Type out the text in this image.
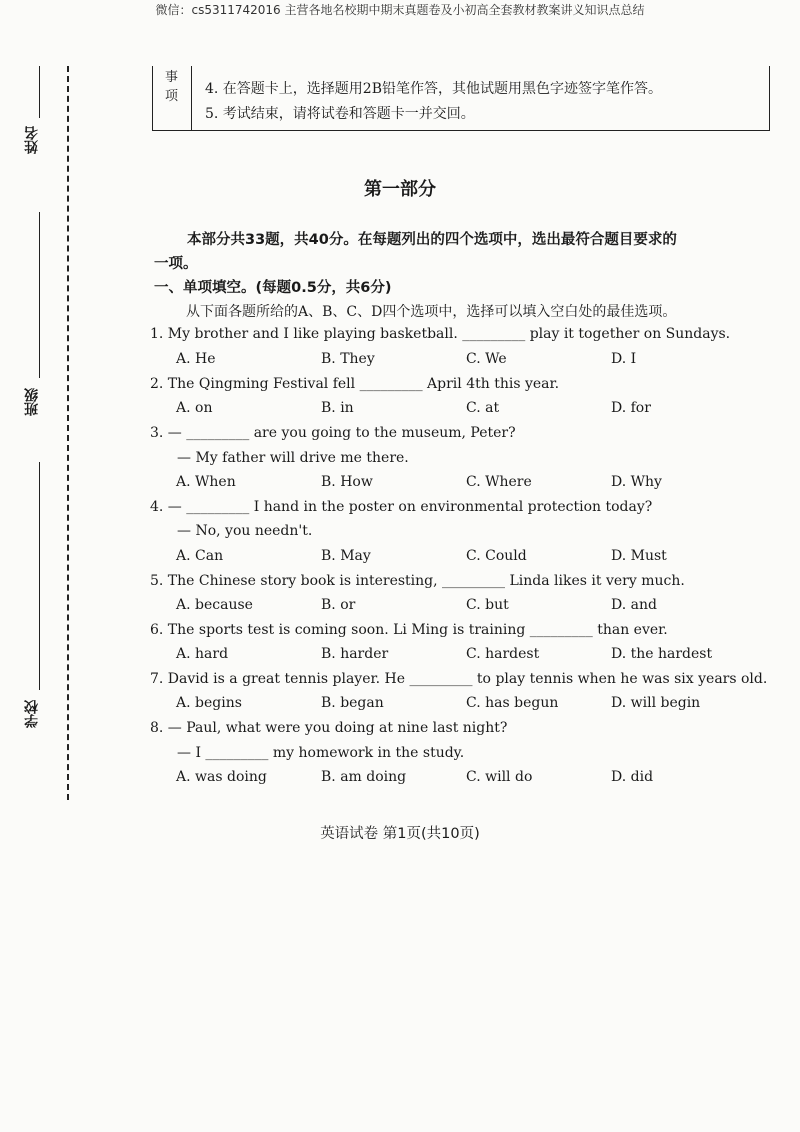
微信：cs5311742016 主营各地名校期中期末真题卷及小初高全套教材教案讲义知识点总结
姓名
班级
学校
事
项 4. 在答题卡上，选择题用2B铅笔作答，其他试题用黑色字迹签字笔作答。
5. 考试结束，请将试卷和答题卡一并交回。
第一部分
本部分共33题，共40分。在每题列出的四个选项中，选出最符合题目要求的
一项。
一、单项填空。(每题0.5分，共6分)
从下面各题所给的A、B、C、D四个选项中，选择可以填入空白处的最佳选项。
1. My brother and I like playing basketball. _________ play it together on Sundays.
A. He	B. They	C. We	D. I
2. The Qingming Festival fell _________ April 4th this year.
A. on	B. in	C. at	D. for
3. — _________ are you going to the museum, Peter?
— My father will drive me there.
A. When	B. How	C. Where	D. Why
4. — _________ I hand in the poster on environmental protection today?
— No, you needn't.
A. Can	B. May	C. Could	D. Must
5. The Chinese story book is interesting, _________ Linda likes it very much.
A. because	B. or	C. but	D. and
6. The sports test is coming soon. Li Ming is training _________ than ever.
A. hard	B. harder	C. hardest	D. the hardest
7. David is a great tennis player. He _________ to play tennis when he was six years old.
A. begins	B. began	C. has begun	D. will begin
8. — Paul, what were you doing at nine last night?
— I _________ my homework in the study.
A. was doing	B. am doing	C. will do	D. did
英语试卷 第1页(共10页)
